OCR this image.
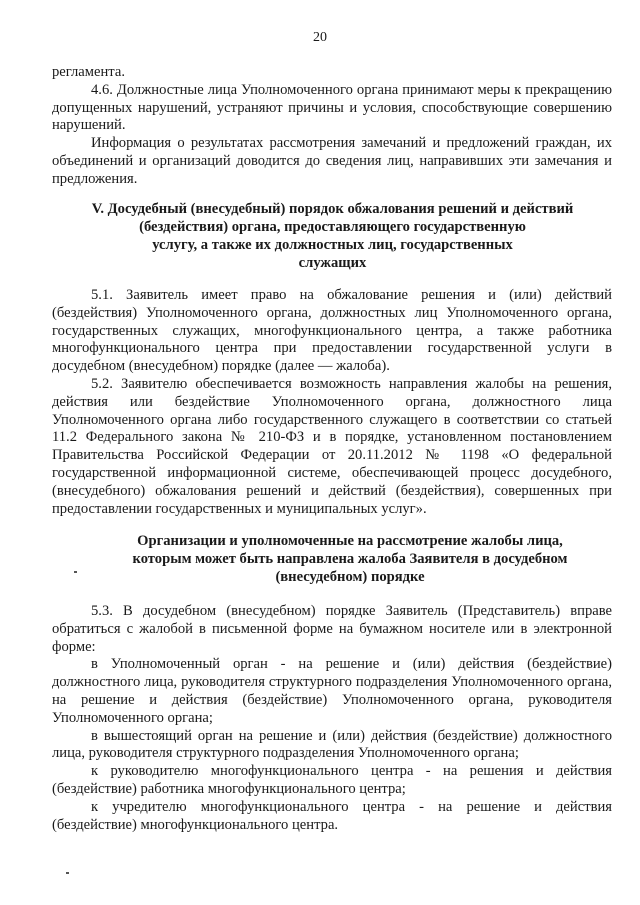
20

регламента.

4.6. Должностные лица Уполномоченного органа принимают меры к прекращению допущенных нарушений, устраняют причины и условия, способствующие совершению нарушений.

Информация о результатах рассмотрения замечаний и предложений граждан, их объединений и организаций доводится до сведения лиц, направивших эти замечания и предложения.

V. Досудебный (внесудебный) порядок обжалования решений и действий

(бездействия) органа, предоставляющего государственную

услугу, а также их должностных лиц, государственных

служащих

5.1. Заявитель имеет право на обжалование решения и (или) действий (бездействия) Уполномоченного органа, должностных лиц Уполномоченного органа, государственных служащих, многофункционального центра, а также работника многофункционального центра при предоставлении государственной услуги в досудебном (внесудебном) порядке (далее — жалоба).

5.2. Заявителю обеспечивается возможность направления жалобы на решения, действия или бездействие Уполномоченного органа, должностного лица Уполномоченного органа либо государственного служащего в соответствии со статьей 11.2 Федерального закона № 210-ФЗ и в порядке, установленном постановлением Правительства Российской Федерации от 20.11.2012 № 1198 «О федеральной государственной информационной системе, обеспечивающей процесс досудебного, (внесудебного) обжалования решений и действий (бездействия), совершенных при предоставлении государственных и муниципальных услуг».

Организации и уполномоченные на рассмотрение жалобы лица,

которым может быть направлена жалоба Заявителя в досудебном

(внесудебном) порядке

5.3. В досудебном (внесудебном) порядке Заявитель (Представитель) вправе обратиться с жалобой в письменной форме на бумажном носителе или в электронной форме:

в Уполномоченный орган - на решение и (или) действия (бездействие) должностного лица, руководителя структурного подразделения Уполномоченного органа, на решение и действия (бездействие) Уполномоченного органа, руководителя Уполномоченного органа;

в вышестоящий орган на решение и (или) действия (бездействие) должностного лица, руководителя структурного подразделения Уполномоченного органа;

к руководителю многофункционального центра - на решения и действия (бездействие) работника многофункционального центра;

к учредителю многофункционального центра - на решение и действия (бездействие) многофункционального центра.
